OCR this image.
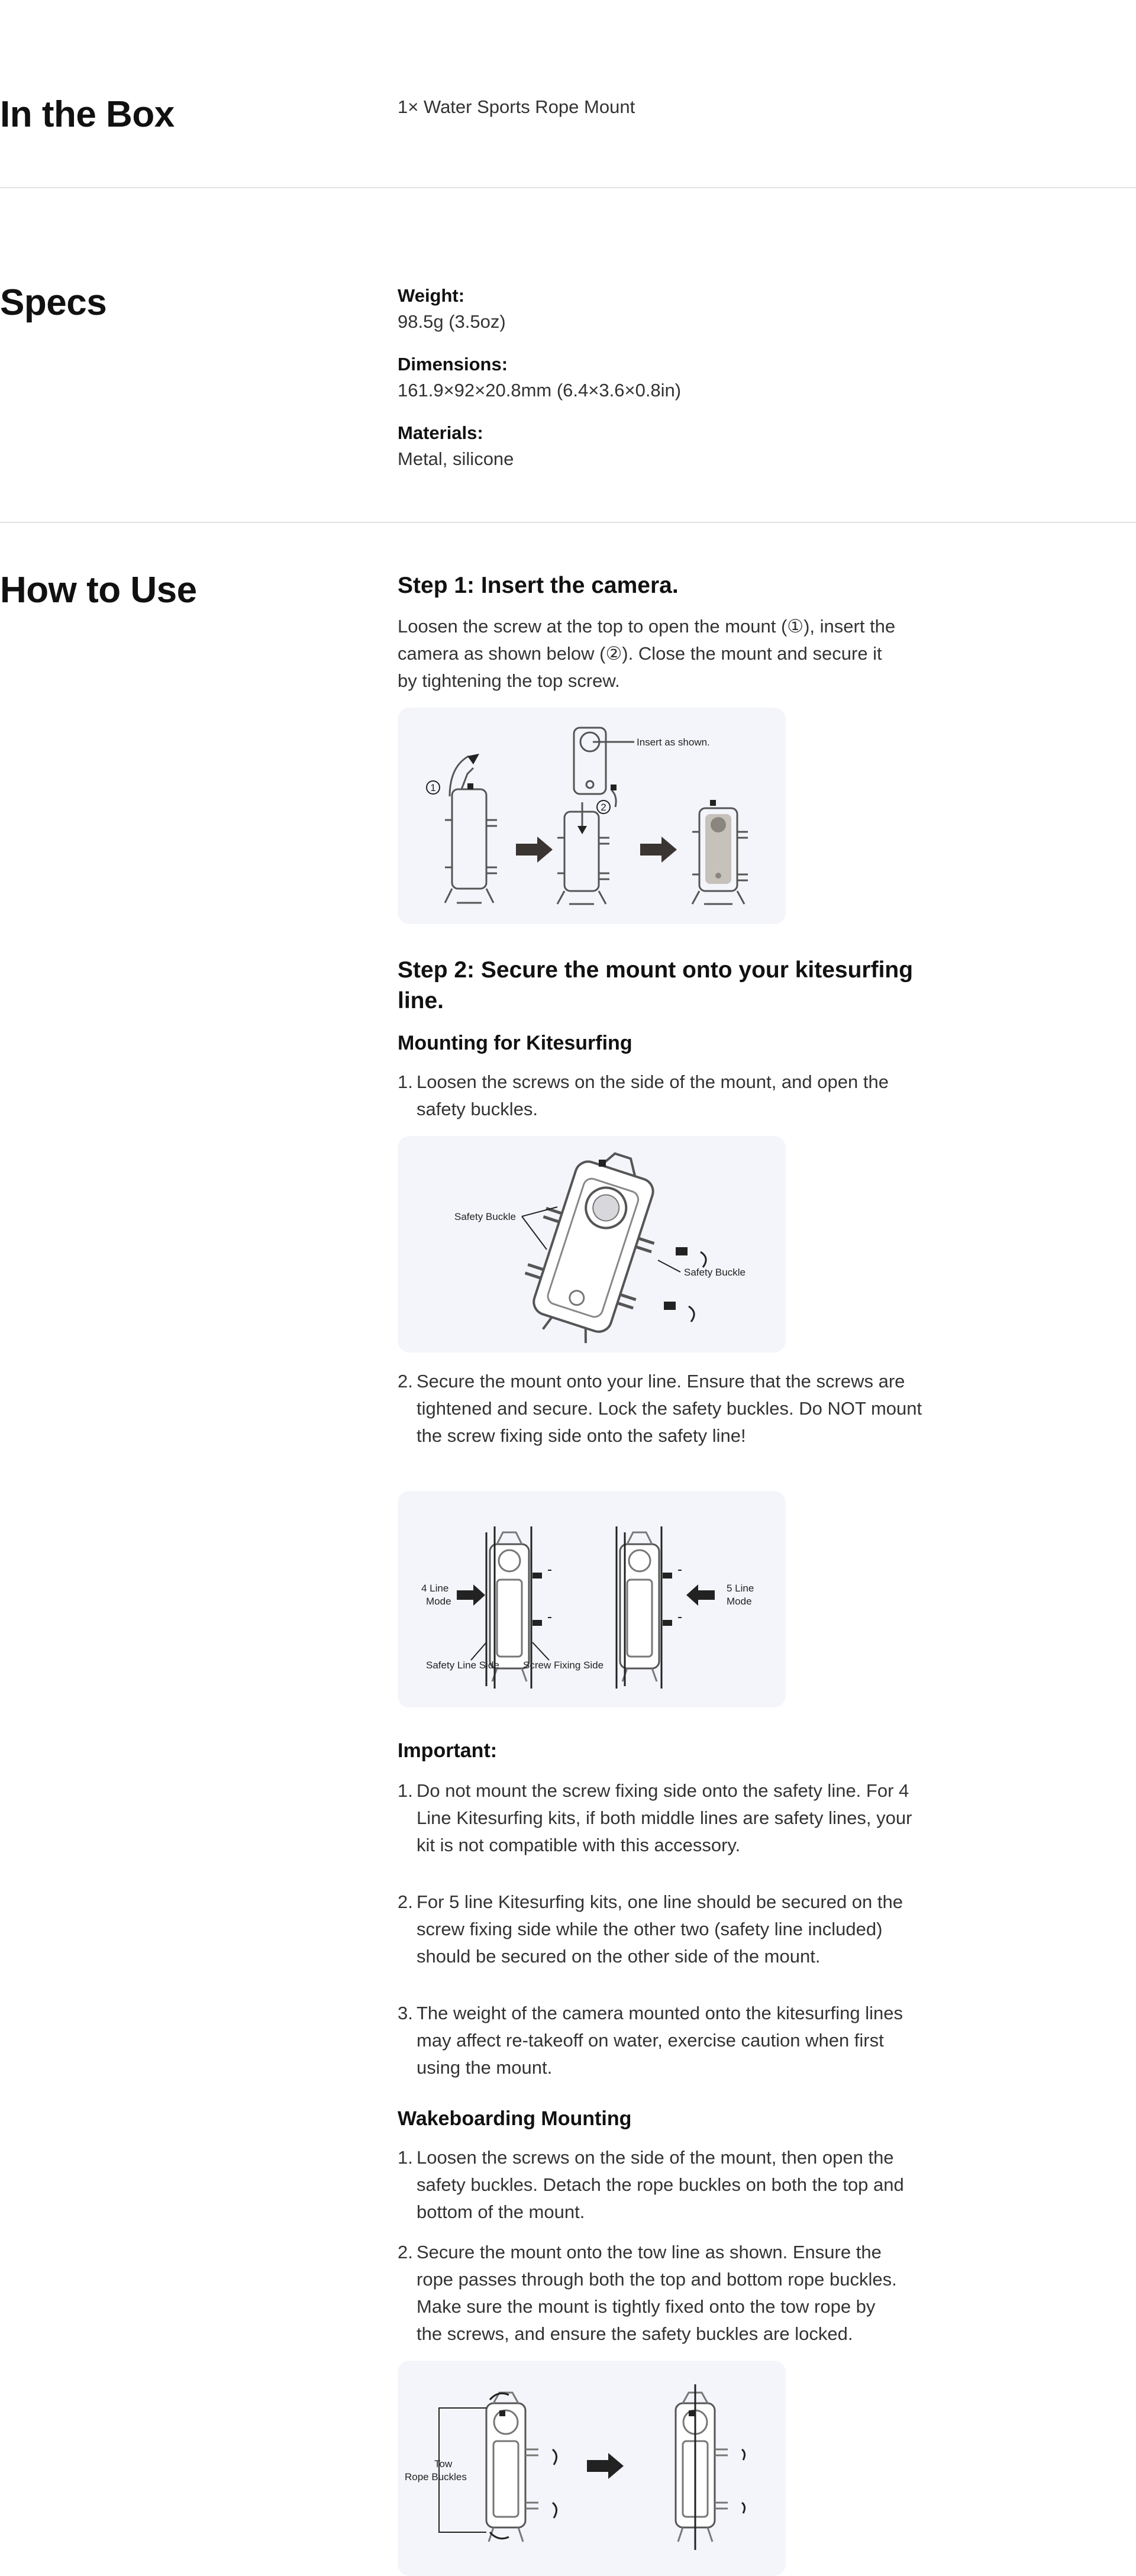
In the Box	1× Water Sports Rope Mount
Specs	Weight:
98.5g (3.5oz)
Dimensions:
161.9×92×20.8mm (6.4×3.6×0.8in)
Materials:
Metal, silicone
How to Use	Step 1: Insert the camera.

Loosen the screw at the top to open the mount (①), insert the

camera as shown below (②). Close the mount and secure it

by tightening the top screw.

1
2
Insert as shown.
Step 2: Secure the mount onto your kitesurfing line.
Mounting for Kitesurfing
1. Loosen the screws on the side of the mount, and open the
safety buckles.
Safety Buckle
Safety Buckle
2. Secure the mount onto your line. Ensure that the screws are
tightened and secure. Lock the safety buckles. Do NOT mount
the screw fixing side onto the safety line!
4 Line
Mode
5 Line
Mode
Safety Line Side Screw Fixing Side
Important:
1. Do not mount the screw fixing side onto the safety line. For 4
Line Kitesurfing kits, if both middle lines are safety lines, your
kit is not compatible with this accessory.
2. For 5 line Kitesurfing kits, one line should be secured on the
screw fixing side while the other two (safety line included)
should be secured on the other side of the mount.
3. The weight of the camera mounted onto the kitesurfing lines
may affect re-takeoff on water, exercise caution when first
using the mount.
Wakeboarding Mounting
1. Loosen the screws on the side of the mount, then open the
safety buckles. Detach the rope buckles on both the top and
bottom of the mount.
2. Secure the mount onto the tow line as shown. Ensure the
rope passes through both the top and bottom rope buckles.
Make sure the mount is tightly fixed onto the tow rope by
the screws, and ensure the safety buckles are locked.
Tow
Rope Buckles
